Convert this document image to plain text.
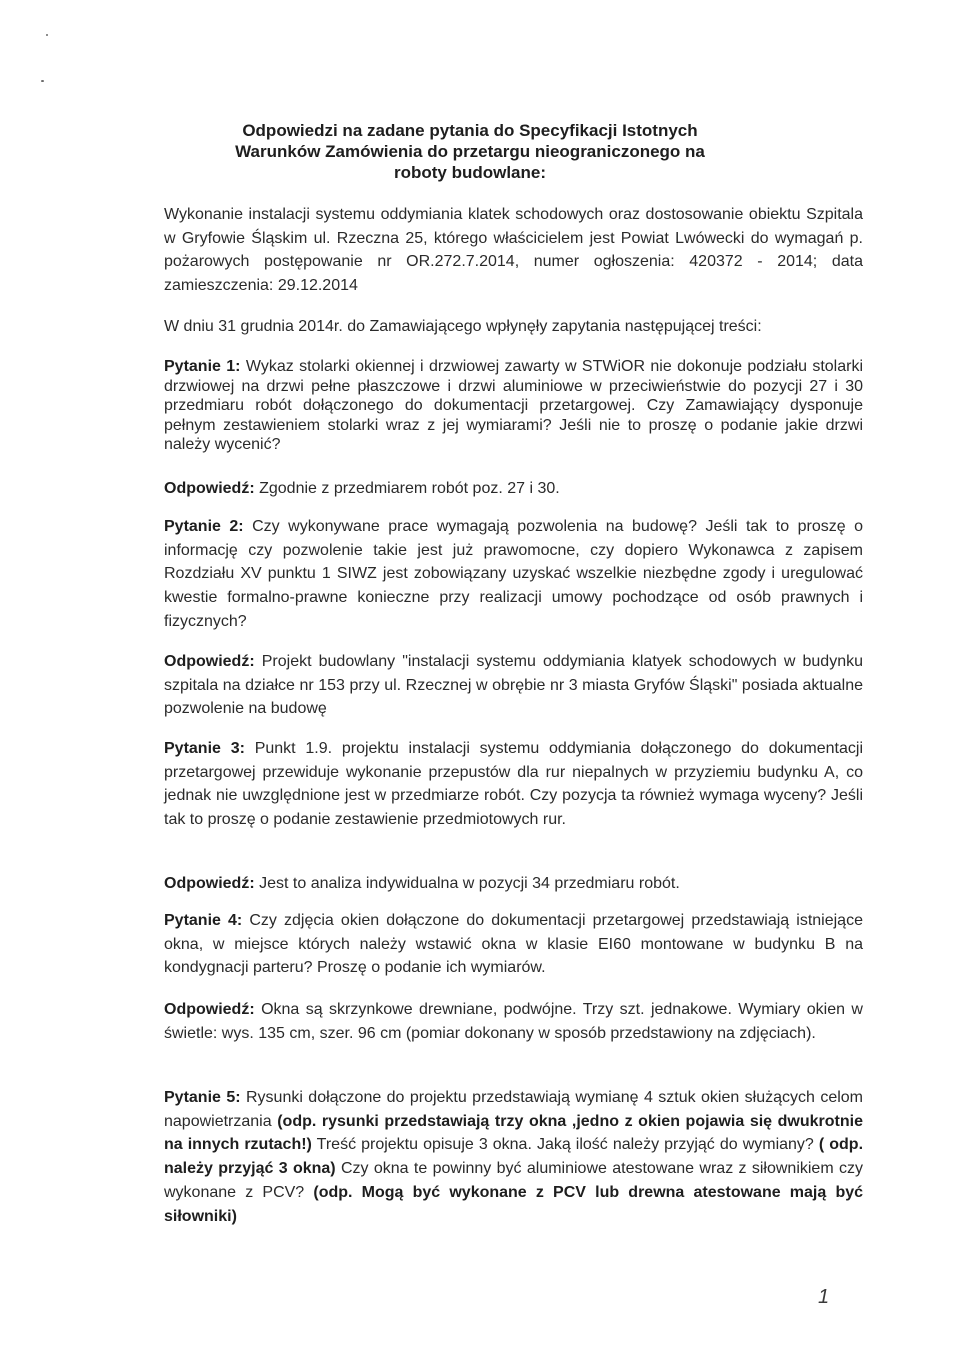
Odpowiedzi na zadane pytania do Specyfikacji Istotnych
Warunków Zamówienia do przetargu nieograniczonego na
roboty budowlane:
Wykonanie instalacji systemu oddymiania klatek schodowych oraz dostosowanie obiektu Szpitala w Gryfowie Śląskim ul. Rzeczna 25, którego właścicielem jest Powiat Lwówecki do wymagań p. pożarowych postępowanie nr OR.272.7.2014, numer ogłoszenia: 420372 - 2014; data zamieszczenia: 29.12.2014
W dniu 31 grudnia 2014r. do Zamawiającego wpłynęły zapytania następującej treści:
Pytanie 1: Wykaz stolarki okiennej i drzwiowej zawarty w STWiOR nie dokonuje podziału stolarki drzwiowej na drzwi pełne płaszczowe i drzwi aluminiowe w przeciwieństwie do pozycji 27 i 30 przedmiaru robót dołączonego do dokumentacji przetargowej. Czy Zamawiający dysponuje pełnym zestawieniem stolarki wraz z jej wymiarami? Jeśli nie to proszę o podanie jakie drzwi należy wycenić?
Odpowiedź: Zgodnie z przedmiarem robót poz. 27 i 30.
Pytanie 2: Czy wykonywane prace wymagają pozwolenia na budowę? Jeśli tak to proszę o informację czy pozwolenie takie jest już prawomocne, czy dopiero Wykonawca z zapisem Rozdziału XV punktu 1 SIWZ jest zobowiązany uzyskać wszelkie niezbędne zgody i uregulować kwestie formalno-prawne konieczne przy realizacji umowy pochodzące od osób prawnych i fizycznych?
Odpowiedź: Projekt budowlany "instalacji systemu oddymiania klatyek schodowych w budynku szpitala na działce nr 153 przy ul. Rzecznej w obrębie nr 3 miasta Gryfów Śląski" posiada aktualne pozwolenie na budowę
Pytanie 3: Punkt 1.9. projektu instalacji systemu oddymiania dołączonego do dokumentacji przetargowej przewiduje wykonanie przepustów dla rur niepalnych w przyziemiu budynku A, co jednak nie uwzględnione jest w przedmiarze robót. Czy pozycja ta również wymaga wyceny? Jeśli tak to proszę o podanie zestawienie przedmiotowych rur.
Odpowiedź: Jest to analiza indywidualna w pozycji 34 przedmiaru robót.
Pytanie 4: Czy zdjęcia okien dołączone do dokumentacji przetargowej przedstawiają istniejące okna, w miejsce których należy wstawić okna w klasie EI60 montowane w budynku B na kondygnacji parteru? Proszę o podanie ich wymiarów.
Odpowiedź: Okna są skrzynkowe drewniane, podwójne. Trzy szt. jednakowe. Wymiary okien w świetle: wys. 135 cm, szer. 96 cm (pomiar dokonany w sposób przedstawiony na zdjęciach).
Pytanie 5: Rysunki dołączone do projektu przedstawiają wymianę 4 sztuk okien służących celom napowietrzania (odp. rysunki przedstawiają trzy okna ,jedno z okien pojawia się dwukrotnie na innych rzutach!) Treść projektu opisuje 3 okna. Jaką ilość należy przyjąć do wymiany? ( odp. należy przyjąć 3 okna) Czy okna te powinny być aluminiowe atestowane wraz z siłownikiem czy wykonane z PCV? (odp. Mogą być wykonane z PCV lub drewna atestowane mają być siłowniki)
1
